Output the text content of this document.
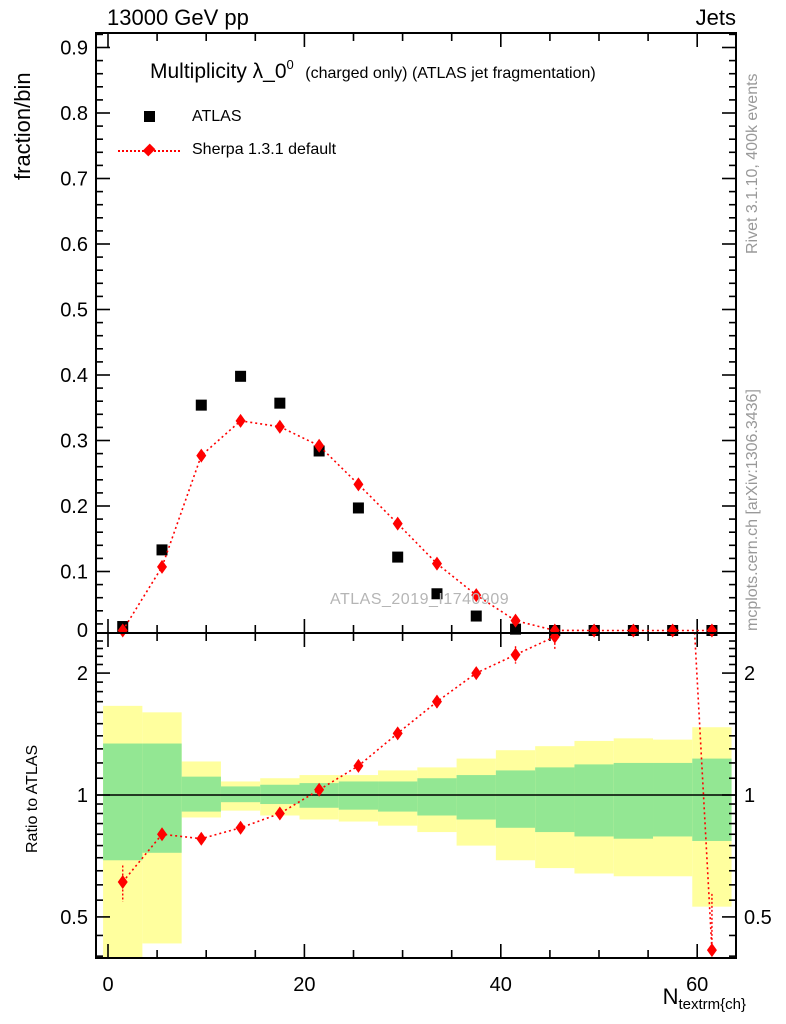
0.9
0.8
0.7
0.6
0.5
0.4
0.3
0.2
0.1
0
2	2
1	1
0.5	0.5
0	20	40	60
13000 GeV pp	Jets
Multiplicity $\lambda\_0^0$ (charged only) (ATLAS jet fragmentation)
ATLAS
Sherpa 1.3.1 default
fraction/bin
Ratio to ATLAS
Rivet 3.1.10, 400k events
mcplots.cern.ch [arXiv:1306.3436]
ATLAS_2019_I1740909
Ntextrm{ch}
